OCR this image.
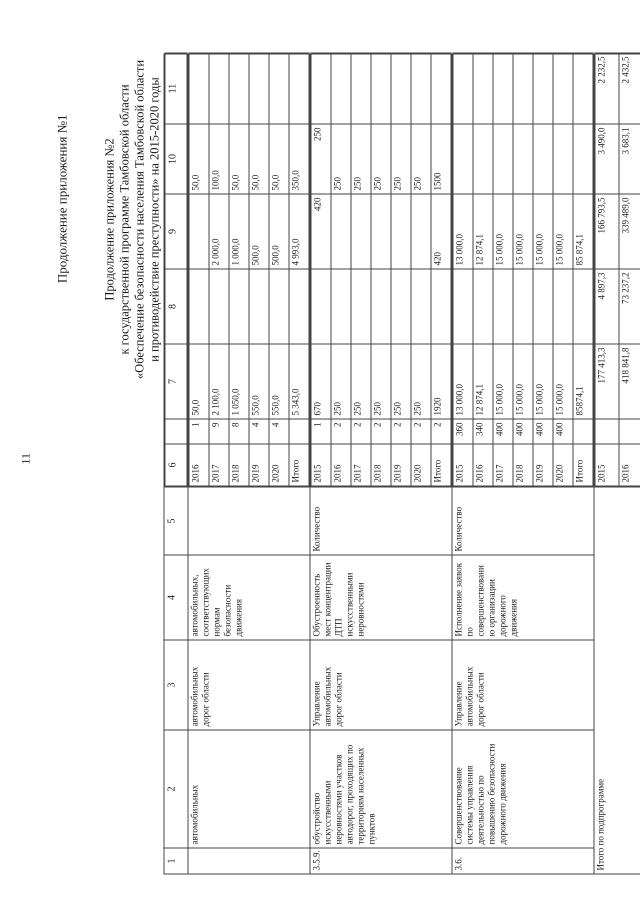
11
Продолжение приложения №1	Продолжение приложения №2 к государственной программе Тамбовской области «Обеспечение безопасности населения Тамбовской области и противодействие преступности» на 2015-2020 годы
1	2	3	4	5	
6		7	8	9	10	11

	автомобильных	автомобильных дорог области	автомобильных, соответствующих нормам безопасности движения		
2016	1	50,0			50,0	
2017	9	2 100,0		2 000,0	100,0	
2018	8	1 050,0		1 000,0	50,0	
2019	4	550,0		500,0	50,0	
2020	4	550,0		500,0	50,0	
Итого		5 343,0		4 993,0	350,0	

3.5.9.	обустройство искусственными неровностями участков автодорог, проходящих по территориям населенных пунктов	Управление автомобильных дорог области	Обустроенность мест концентрации ДТП искусственными неровностями	Количество	
2015	1	670		420	250	
2016	2	250			250	
2017	2	250			250	
2018	2	250			250	
2019	2	250			250	
2020	2	250			250	
Итого	2	1920		420	1500	

3.6.	Совершенствование системы управления деятельностью по повышению безопасности дорожного движения	Управление автомобильных дорог области	Исполнение заявок по совершенствовани ю организации дорожного движения	Количество	
2015	360	13 000,0		13 000,0		
2016	340	12 874,1		12 874,1		
2017	400	15 000,0		15 000,0		
2018	400	15 000,0		15 000,0		
2019	400	15 000,0		15 000,0		
2020	400	15 000,0		15 000,0		
Итого		85874,1		85 874,1		

Итого по подпрограмме	
2015		177 413,3	4 897,3	166 793,5	3 490,0	2 232,5
2016		418 841,8	73 237,2	339 489,0	3 683,1	2 432,5
